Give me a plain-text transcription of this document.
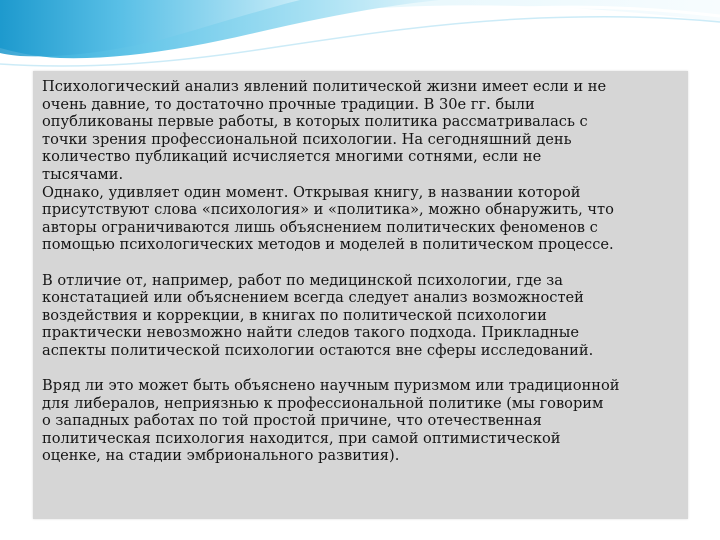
Психологический анализ явлений политической жизни имеет если и не
очень давние, то достаточно прочные традиции. В 30е гг. были
опубликованы первые работы, в которых политика рассматривалась с
точки зрения профессиональной психологии. На сегодняшний день
количество публикаций исчисляется многими сотнями, если не
тысячами.

Однако, удивляет один момент. Открывая книгу, в названии которой
присутствуют слова «психология» и «политика», можно обнаружить, что
авторы ограничиваются лишь объяснением политических феноменов с
помощью психологических методов и моделей в политическом процессе.

В отличие от, например, работ по медицинской психологии, где за
констатацией или объяснением всегда следует анализ возможностей
воздействия и коррекции, в книгах по политической психологии
практически невозможно найти следов такого подхода. Прикладные
аспекты политической психологии остаются вне сферы исследований.

Вряд ли это может быть объяснено научным пуризмом или традиционной
для либералов, неприязнью к профессиональной политике (мы говорим
о западных работах по той простой причине, что отечественная
политическая психология находится, при самой оптимистической
оценке, на стадии эмбрионального развития).
